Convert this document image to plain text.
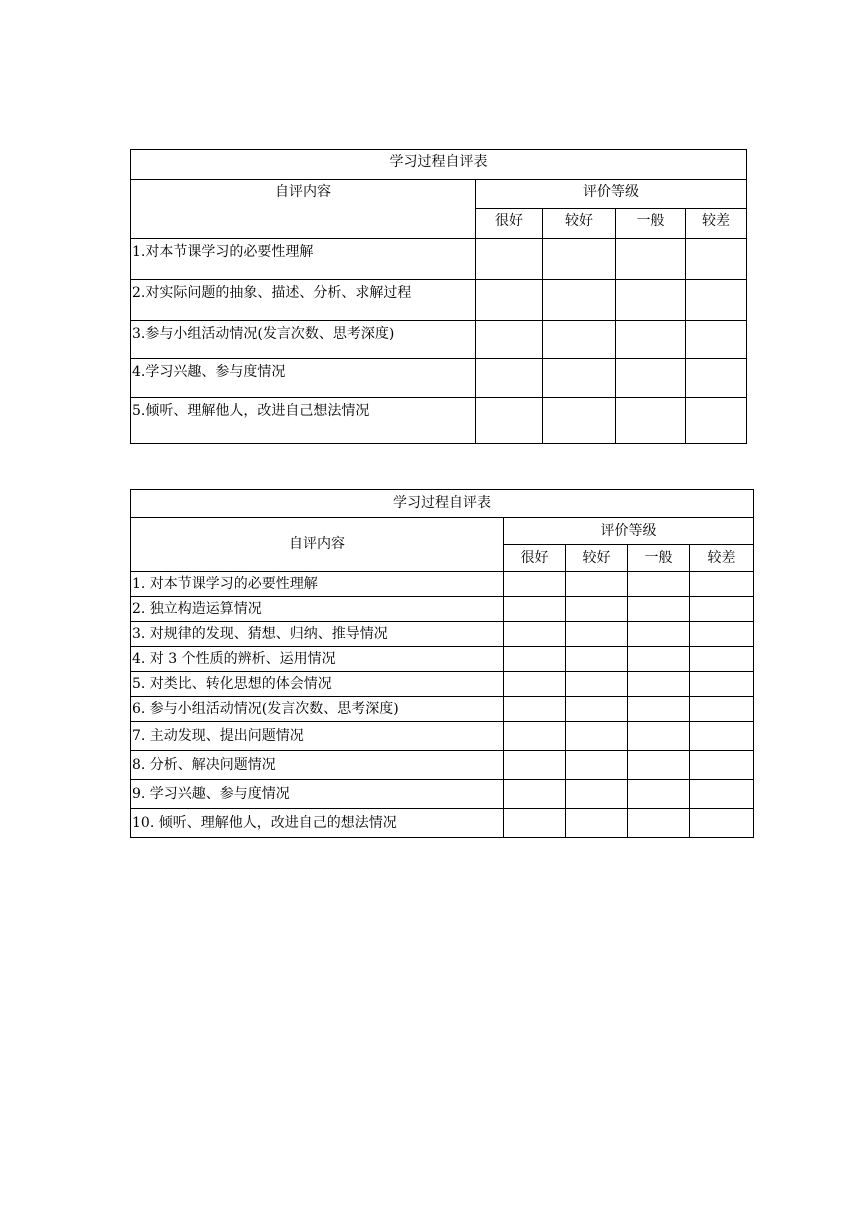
学习过程自评表				
自评内容	评价等级			
	很好	较好	一般	较差
1.对本节课学习的必要性理解				
2.对实际问题的抽象、描述、分析、求解过程				
3.参与小组活动情况(发言次数、思考深度)				
4.学习兴趣、参与度情况				
5.倾听、理解他人，改进自己想法情况				
学习过程自评表				
自评内容	评价等级			
	很好	较好	一般	较差
1. 对本节课学习的必要性理解				
2. 独立构造运算情况				
3. 对规律的发现、猜想、归纳、推导情况				
4. 对 3 个性质的辨析、运用情况				
5. 对类比、转化思想的体会情况				
6. 参与小组活动情况(发言次数、思考深度)				
7. 主动发现、提出问题情况				
8. 分析、解决问题情况				
9. 学习兴趣、参与度情况				
10. 倾听、理解他人，改进自己的想法情况				
